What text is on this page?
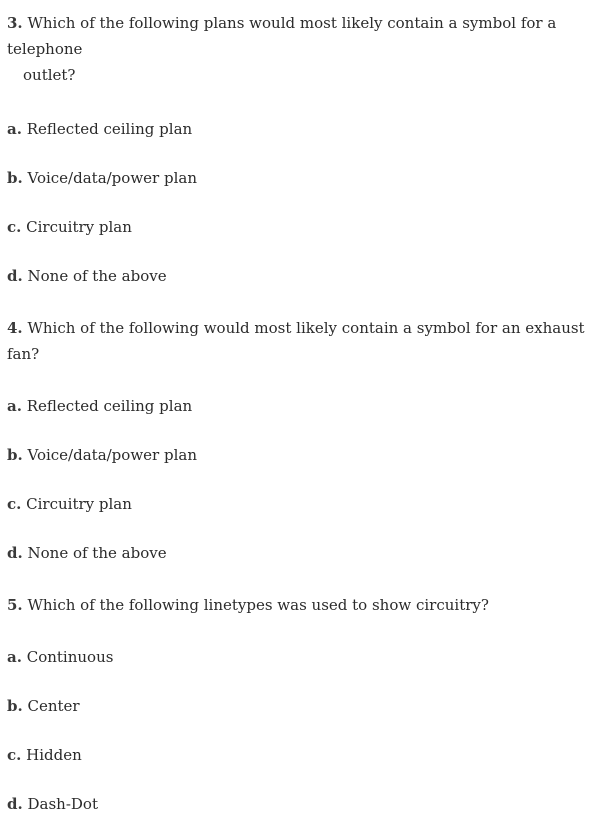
3. Which of the following plans would most likely contain a symbol for a telephone
outlet?

a. Reflected ceiling plan

b. Voice/data/power plan

c. Circuitry plan

d. None of the above

4. Which of the following would most likely contain a symbol for an exhaust fan?

a. Reflected ceiling plan

b. Voice/data/power plan

c. Circuitry plan

d. None of the above

5. Which of the following linetypes was used to show circuitry?

a. Continuous

b. Center

c. Hidden

d. Dash-Dot
